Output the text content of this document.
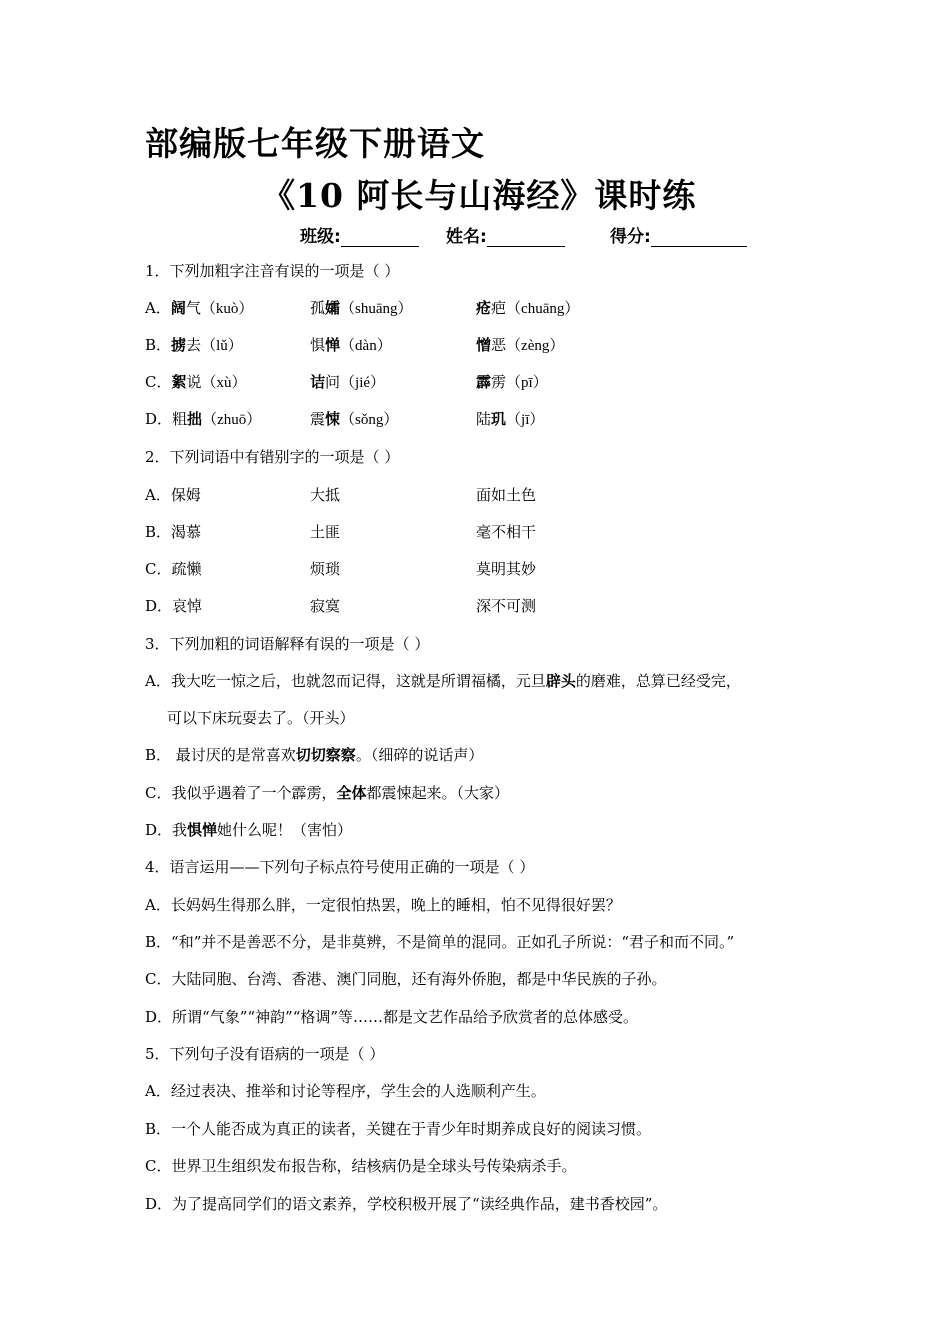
部编版七年级下册语文
《10 阿长与山海经》课时练
班级:	姓名:	得分:
1．下列加粗字注音有误的一项是（ ）
A．阔气（kuò）	孤孀（shuāng）	疮疤（chuāng）
B．掳去（lǔ）	惧惮（dàn）	憎恶（zèng）
C．絮说（xù）	诘问（jié）	霹雳（pī）
D．粗拙（zhuō）	震悚（sǒng）	陆玑（jī）
2．下列词语中有错别字的一项是（ ）
A．保姆	大抵	面如土色
B．渴慕	土匪	毫不相干
C．疏懒	烦琐	莫明其妙
D．哀悼	寂寞	深不可测
3．下列加粗的词语解释有误的一项是（ ）
A．我大吃一惊之后，也就忽而记得，这就是所谓福橘，元旦辟头的磨难，总算已经受完，
可以下床玩耍去了。（开头）
B． 最讨厌的是常喜欢切切察察。（细碎的说话声）
C．我似乎遇着了一个霹雳，全体都震悚起来。（大家）
D．我惧惮她什么呢！（害怕）
4．语言运用——下列句子标点符号使用正确的一项是（ ）
A．长妈妈生得那么胖，一定很怕热罢，晚上的睡相，怕不见得很好罢？
B．“和”并不是善恶不分，是非莫辨，不是简单的混同。正如孔子所说：“君子和而不同。”
C．大陆同胞、台湾、香港、澳门同胞，还有海外侨胞，都是中华民族的子孙。
D．所谓“气象”“神韵”“格调”等……都是文艺作品给予欣赏者的总体感受。
5．下列句子没有语病的一项是（ ）
A．经过表决、推举和讨论等程序，学生会的人选顺利产生。
B．一个人能否成为真正的读者，关键在于青少年时期养成良好的阅读习惯。
C．世界卫生组织发布报告称，结核病仍是全球头号传染病杀手。
D．为了提高同学们的语文素养，学校积极开展了“读经典作品，建书香校园”。
